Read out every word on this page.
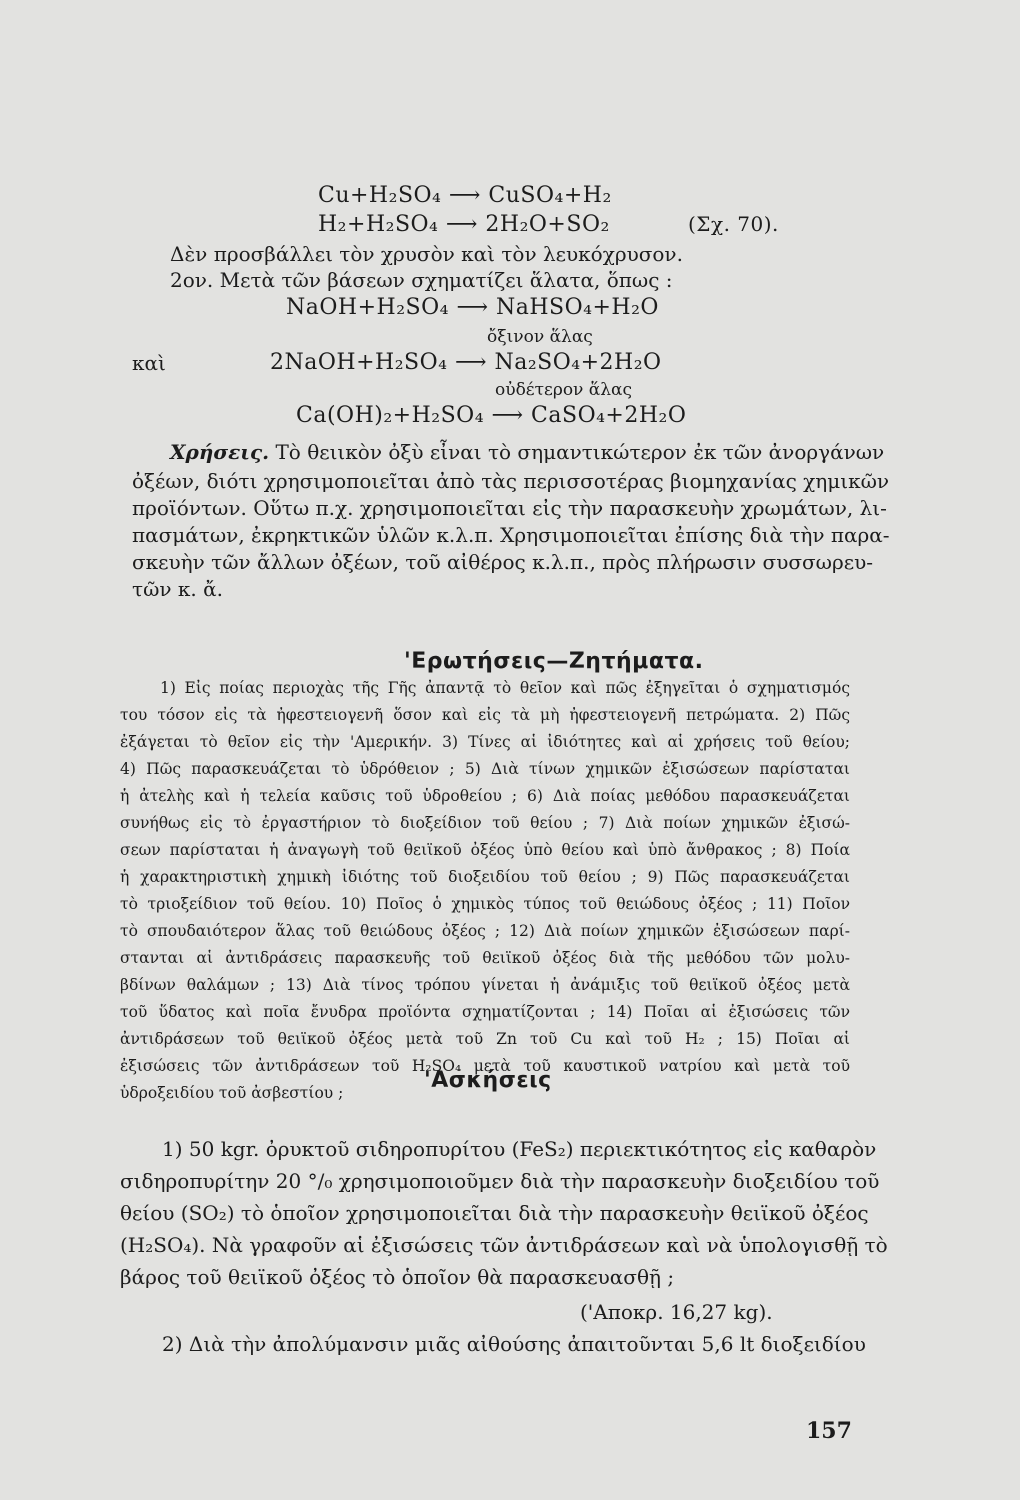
Cu+H₂SO₄ ⟶ CuSO₄+H₂
H₂+H₂SO₄ ⟶ 2H₂O+SO₂	(Σχ. 70).
Δὲν προσβάλλει τὸν χρυσὸν καὶ τὸν λευκόχρυσον.
2ον. Μετὰ τῶν βάσεων σχηματίζει ἅλατα, ὅπως :
NaOH+H₂SO₄ ⟶ NaHSO₄+H₂O
ὄξινον ἅλας
καὶ	2NaOH+H₂SO₄ ⟶ Na₂SO₄+2H₂O
οὐδέτερον ἅλας
Ca(OH)₂+H₂SO₄ ⟶ CaSO₄+2H₂O
Χρήσεις. Τὸ θειικὸν ὀξὺ εἶναι τὸ σημαντικώτερον ἐκ τῶν ἀνοργάνων
ὀξέων, διότι χρησιμοποιεῖται ἀπὸ τὰς περισσοτέρας βιομηχανίας χημικῶν
προϊόντων. Οὕτω π.χ. χρησιμοποιεῖται εἰς τὴν παρασκευὴν χρωμάτων, λι-
πασμάτων, ἐκρηκτικῶν ὑλῶν κ.λ.π. Χρησιμοποιεῖται ἐπίσης διὰ τὴν παρα-
σκευὴν τῶν ἄλλων ὀξέων, τοῦ αἰθέρος κ.λ.π., πρὸς πλήρωσιν συσσωρευ-
τῶν κ. ἄ.
'Ερωτήσεις—Ζητήματα.
1) Εἰς ποίας περιοχὰς τῆς Γῆς ἀπαντᾷ τὸ θεῖον καὶ πῶς ἐξηγεῖται ὁ σχηματισμός
του τόσον εἰς τὰ ἠφεστειογενῆ ὅσον καὶ εἰς τὰ μὴ ἠφεστειογενῆ πετρώματα. 2) Πῶς
ἐξάγεται τὸ θεῖον εἰς τὴν 'Αμερικήν. 3) Τίνες αἱ ἰδιότητες καὶ αἱ χρήσεις τοῦ θείου;
4) Πῶς παρασκευάζεται τὸ ὑδρόθειον ; 5) Διὰ τίνων χημικῶν ἐξισώσεων παρίσταται
ἡ ἀτελὴς καὶ ἡ τελεία καῦσις τοῦ ὑδροθείου ; 6) Διὰ ποίας μεθόδου παρασκευάζεται
συνήθως εἰς τὸ ἐργαστήριον τὸ διοξείδιον τοῦ θείου ; 7) Διὰ ποίων χημικῶν ἐξισώ-
σεων παρίσταται ἡ ἀναγωγὴ τοῦ θειϊκοῦ ὀξέος ὑπὸ θείου καὶ ὑπὸ ἄνθρακος ; 8) Ποία
ἡ χαρακτηριστικὴ χημικὴ ἰδιότης τοῦ διοξειδίου τοῦ θείου ; 9) Πῶς παρασκευάζεται
τὸ τριοξείδιον τοῦ θείου. 10) Ποῖος ὁ χημικὸς τύπος τοῦ θειώδους ὀξέος ; 11) Ποῖον
τὸ σπουδαιότερον ἅλας τοῦ θειώδους ὀξέος ; 12) Διὰ ποίων χημικῶν ἐξισώσεων παρί-
στανται αἱ ἀντιδράσεις παρασκευῆς τοῦ θειϊκοῦ ὀξέος διὰ τῆς μεθόδου τῶν μολυ-
βδίνων θαλάμων ; 13) Διὰ τίνος τρόπου γίνεται ἡ ἀνάμιξις τοῦ θειϊκοῦ ὀξέος μετὰ
τοῦ ὕδατος καὶ ποῖα ἔνυδρα προϊόντα σχηματίζονται ; 14) Ποῖαι αἱ ἐξισώσεις τῶν
ἀντιδράσεων τοῦ θειϊκοῦ ὀξέος μετὰ τοῦ Zn τοῦ Cu καὶ τοῦ H₂ ; 15) Ποῖαι αἱ
ἐξισώσεις τῶν ἀντιδράσεων τοῦ H₂SO₄ μετὰ τοῦ καυστικοῦ νατρίου καὶ μετὰ τοῦ
ὑδροξειδίου τοῦ ἀσβεστίου ;	'Ασκήσεις
1) 50 kgr. ὀρυκτοῦ σιδηροπυρίτου (FeS₂) περιεκτικότητος εἰς καθαρὸν
σιδηροπυρίτην 20 °/₀ χρησιμοποιοῦμεν διὰ τὴν παρασκευὴν διοξειδίου τοῦ
θείου (SO₂) τὸ ὁποῖον χρησιμοποιεῖται διὰ τὴν παρασκευὴν θειϊκοῦ ὀξέος
(H₂SO₄). Νὰ γραφοῦν αἱ ἐξισώσεις τῶν ἀντιδράσεων καὶ νὰ ὑπολογισθῇ τὸ
βάρος τοῦ θειϊκοῦ ὀξέος τὸ ὁποῖον θὰ παρασκευασθῇ ;
('Αποκρ. 16,27 kg).
2) Διὰ τὴν ἀπολύμανσιν μιᾶς αἰθούσης ἀπαιτοῦνται 5,6 lt διοξειδίου
157
